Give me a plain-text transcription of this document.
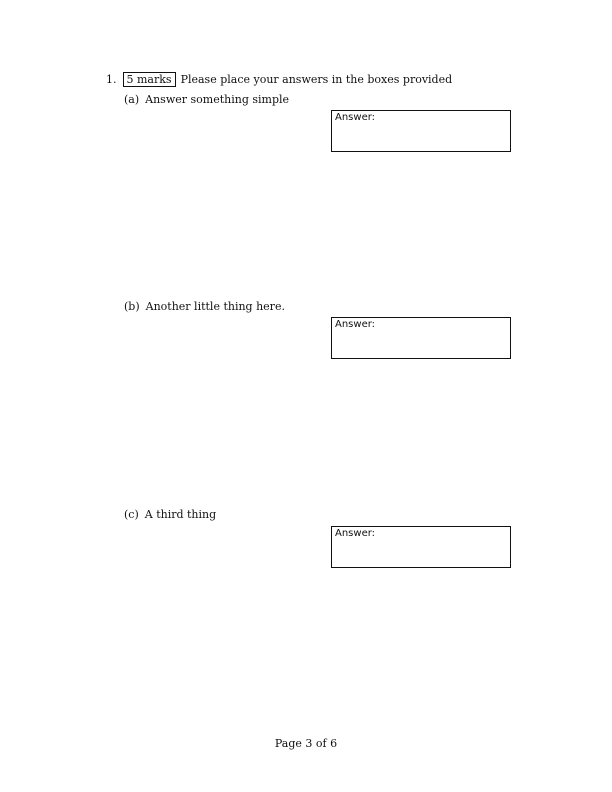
1. 5 marks Please place your answers in the boxes provided
(a) Answer something simple
Answer:
(b) Another little thing here.
Answer:
(c) A third thing
Answer:
Page 3 of 6
